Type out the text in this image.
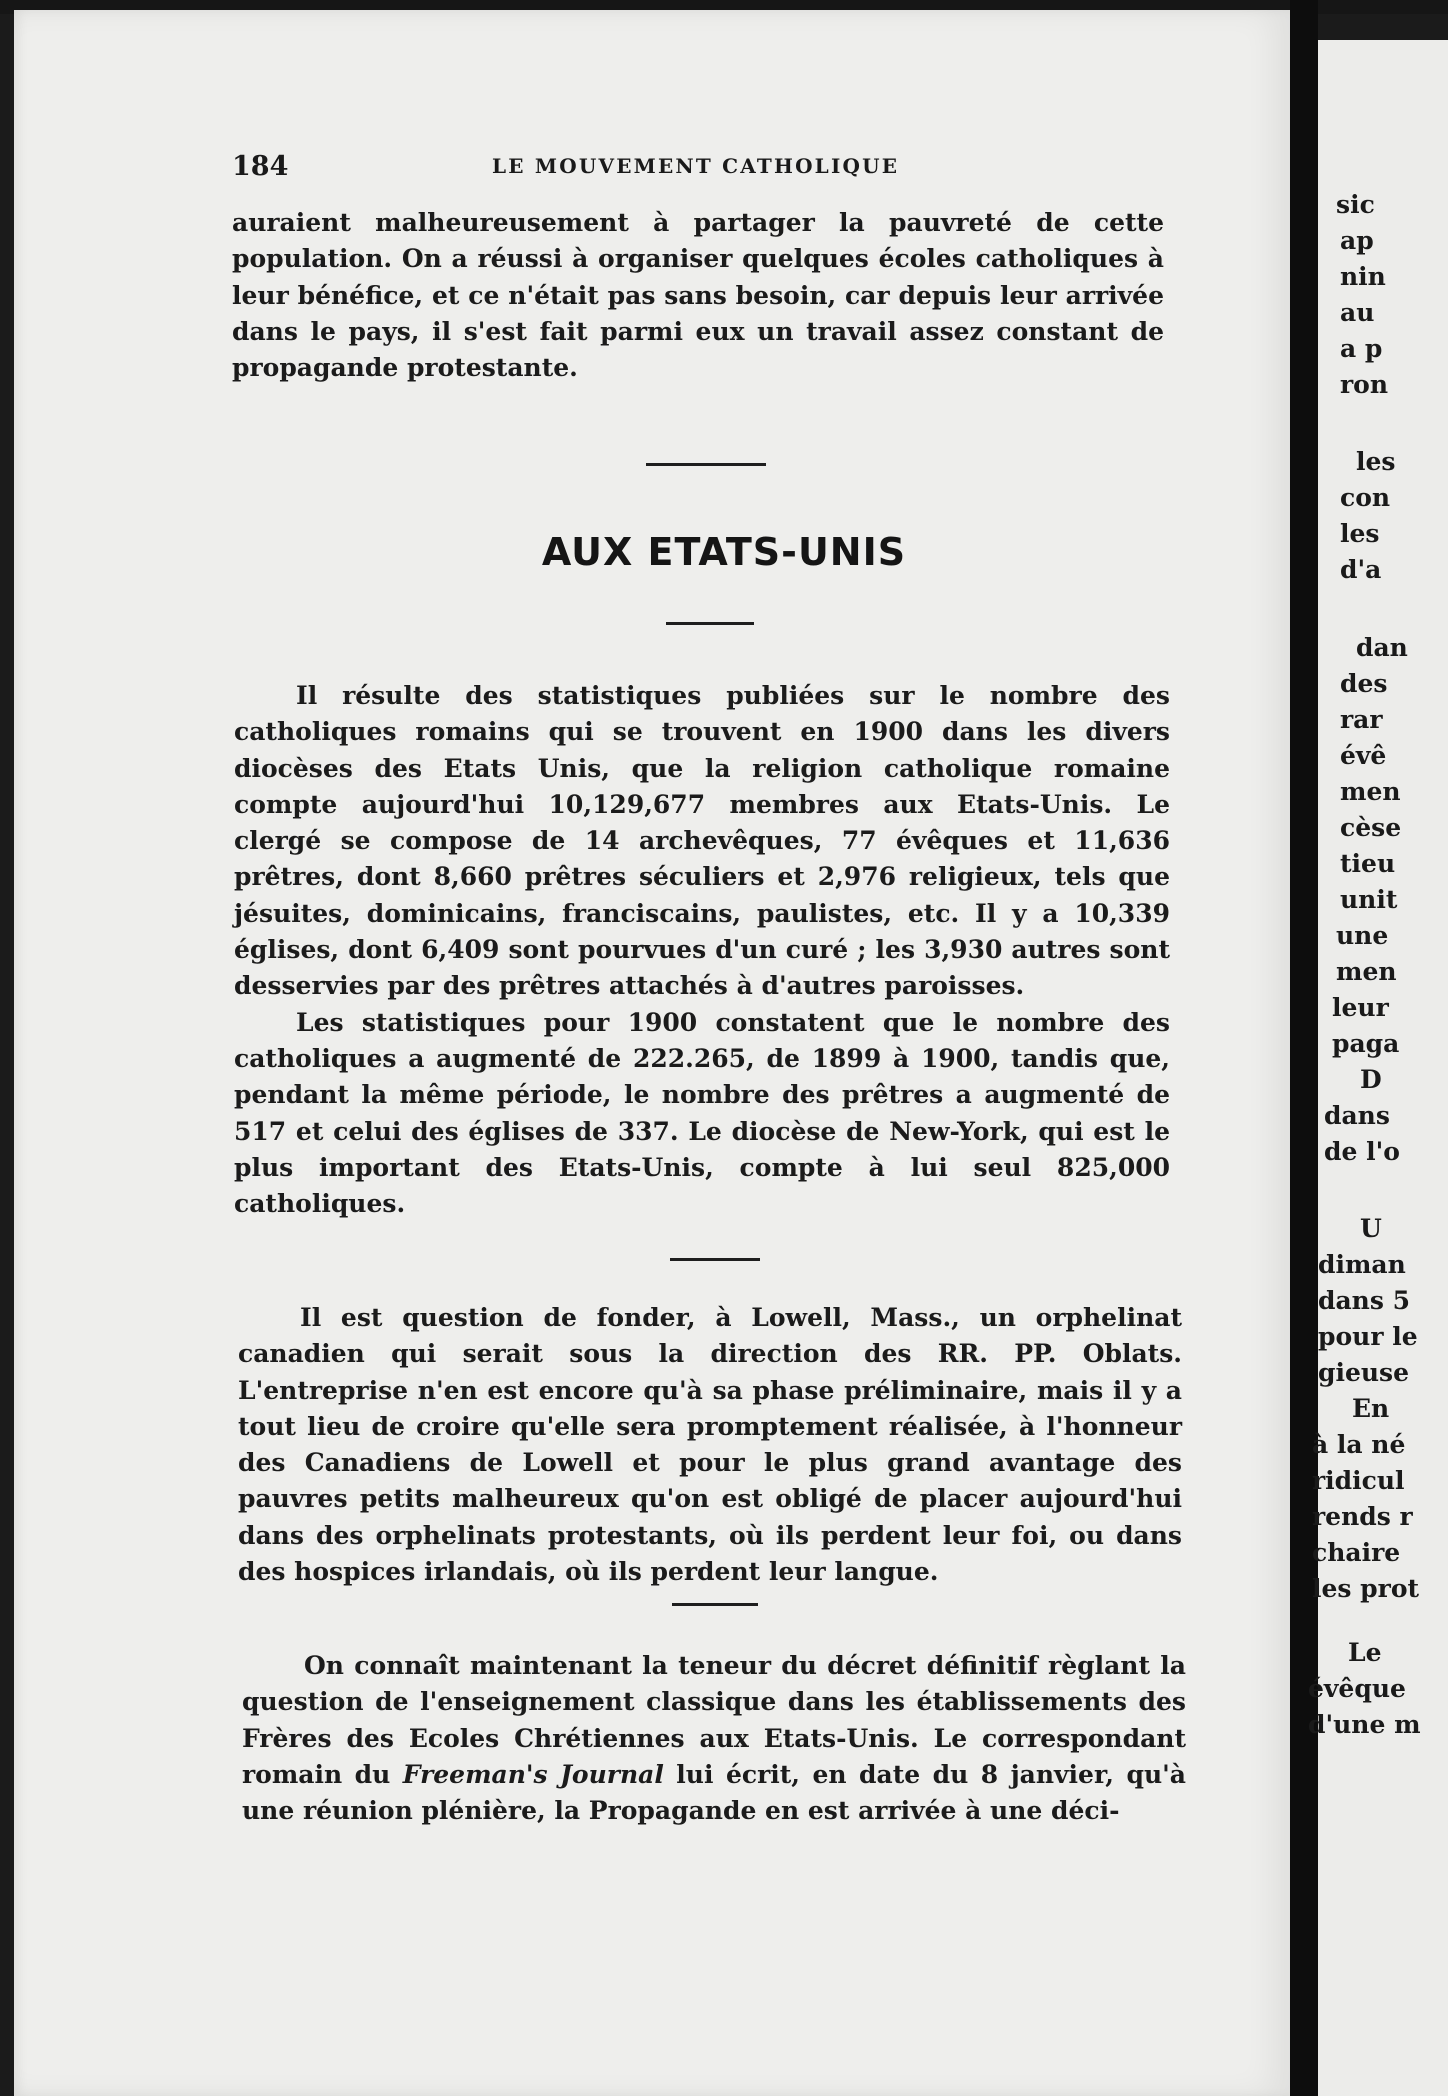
184	LE MOUVEMENT CATHOLIQUE

auraient malheureusement à partager la pauvreté de cette population. On a réussi à organiser quelques écoles catholiques à leur bénéfice, et ce n'était pas sans besoin, car depuis leur arrivée dans le pays, il s'est fait parmi eux un travail assez constant de propagande protestante.

AUX ETATS-UNIS

Il résulte des statistiques publiées sur le nombre des catholiques romains qui se trouvent en 1900 dans les divers diocèses des Etats Unis, que la religion catholique romaine compte aujourd'hui 10,129,677 membres aux Etats-Unis. Le clergé se compose de 14 archevêques, 77 évêques et 11,636 prêtres, dont 8,660 prêtres séculiers et 2,976 religieux, tels que jésuites, dominicains, franciscains, paulistes, etc. Il y a 10,339 églises, dont 6,409 sont pourvues d'un curé ; les 3,930 autres sont desservies par des prêtres attachés à d'autres paroisses.

Les statistiques pour 1900 constatent que le nombre des catholiques a augmenté de 222.265, de 1899 à 1900, tandis que, pendant la même période, le nombre des prêtres a augmenté de 517 et celui des églises de 337. Le diocèse de New-York, qui est le plus important des Etats-Unis, compte à lui seul 825,000 catholiques.

Il est question de fonder, à Lowell, Mass., un orphelinat canadien qui serait sous la direction des RR. PP. Oblats. L'entreprise n'en est encore qu'à sa phase préliminaire, mais il y a tout lieu de croire qu'elle sera promptement réalisée, à l'honneur des Canadiens de Lowell et pour le plus grand avantage des pauvres petits malheureux qu'on est obligé de placer aujourd'hui dans des orphelinats protestants, où ils perdent leur foi, ou dans des hospices irlandais, où ils perdent leur langue.

On connaît maintenant la teneur du décret définitif règlant la question de l'enseignement classique dans les établissements des Frères des Ecoles Chrétiennes aux Etats-Unis. Le correspondant romain du Freeman's Journal lui écrit, en date du 8 janvier, qu'à une réunion plénière, la Propagande en est arrivée à une déci-

sic
ap
nin
au
a p
ron
les
con
les
d'a
dan
des
rar
évê
men
cèse
tieu
unit
une
men
leur
paga
D
dans
de l'o
U
diman
dans 5
pour le
gieuse
En
à la né
ridicul
rends r
chaire
les prot
Le
évêque
d'une m
